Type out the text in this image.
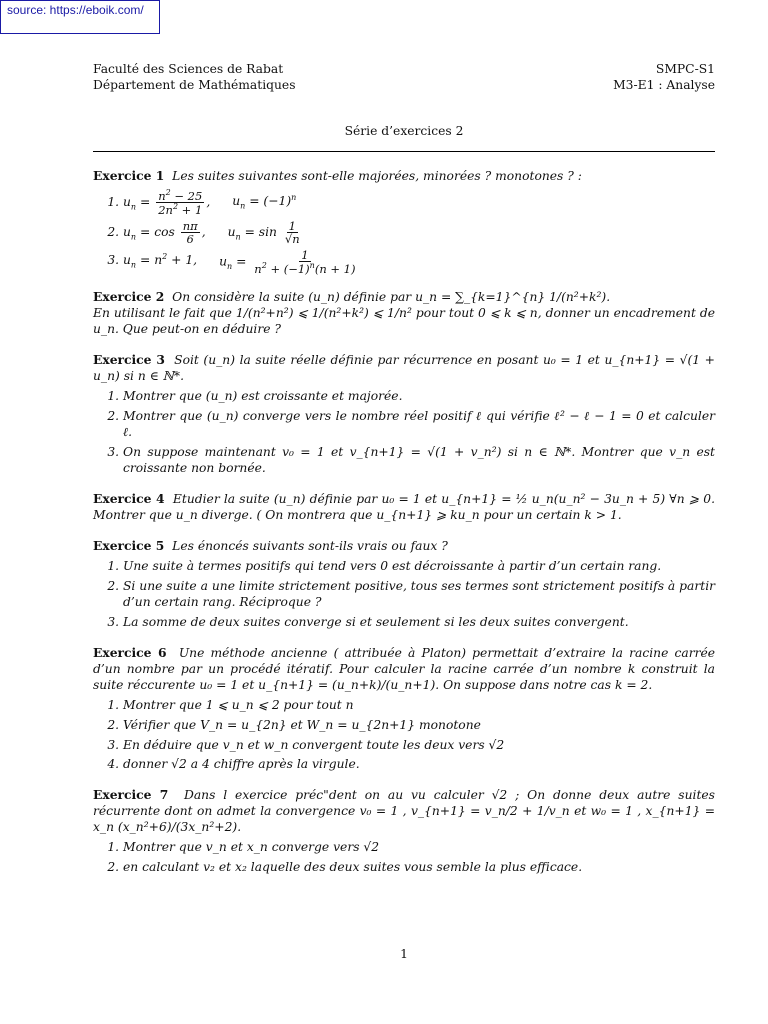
source: https://eboik.com/
Faculté des Sciences de Rabat
Département de Mathématiques
SMPC-S1
M3-E1 : Analyse
Série d’exercices 2

Exercice 1 Les suites suivantes sont-elle majorées, minorées ? monotones ? :

1. $u_n = \frac{n^2 - 25}{2n^2 + 1}$ , $u_n = (-1)^n$
2. $u_n = \cos \frac{n\pi}{6}$ , $u_n = \sin \frac{1}{√n}$
3. $u_n = n^2 + 1$, $u_n = \frac{1}{n^2 + (-1)^n(n + 1)}$

Exercice 2 On considère la suite (u_n) définie par u_n = ∑_{k=1}^{n} 1/(n²+k²).

En utilisant le fait que 1/(n²+n²) ⩽ 1/(n²+k²) ⩽ 1/n² pour tout 0 ⩽ k ⩽ n, donner un encadrement de u_n. Que peut-on en déduire ?

Exercice 3 Soit (u_n) la suite réelle définie par récurrence en posant u₀ = 1 et u_{n+1} = √(1 + u_n) si n ∈ ℕ*.

1. Montrer que (u_n) est croissante et majorée.
2. Montrer que (u_n) converge vers le nombre réel positif ℓ qui vérifie ℓ² − ℓ − 1 = 0 et calculer ℓ.
3. On suppose maintenant v₀ = 1 et v_{n+1} = √(1 + v_n²) si n ∈ ℕ*. Montrer que v_n est croissante non bornée.

Exercice 4 Etudier la suite (u_n) définie par u₀ = 1 et u_{n+1} = ½ u_n(u_n² − 3u_n + 5) ∀n ⩾ 0. Montrer que u_n diverge. ( On montrera que u_{n+1} ⩾ ku_n pour un certain k > 1.

Exercice 5 Les énoncés suivants sont-ils vrais ou faux ?

1. Une suite à termes positifs qui tend vers 0 est décroissante à partir d’un certain rang.
2. Si une suite a une limite strictement positive, tous ses termes sont strictement positifs à partir d’un certain rang. Réciproque ?
3. La somme de deux suites converge si et seulement si les deux suites convergent.

Exercice 6 Une méthode ancienne ( attribuée à Platon) permettait d’extraire la racine carrée d’un nombre par un procédé itératif. Pour calculer la racine carrée d’un nombre k construit la suite réccurente u₀ = 1 et u_{n+1} = (u_n+k)/(u_n+1). On suppose dans notre cas k = 2.

1. Montrer que 1 ⩽ u_n ⩽ 2 pour tout n
2. Vérifier que V_n = u_{2n} et W_n = u_{2n+1} monotone
3. En déduire que v_n et w_n convergent toute les deux vers √2
4. donner √2 a 4 chiffre après la virgule.

Exercice 7 Dans l exercice préc"dent on au vu calculer √2 ; On donne deux autre suites récurrente dont on admet la convergence v₀ = 1 , v_{n+1} = v_n/2 + 1/v_n et w₀ = 1 , x_{n+1} = x_n (x_n²+6)/(3x_n²+2).

1. Montrer que v_n et x_n converge vers √2
2. en calculant v₂ et x₂ laquelle des deux suites vous semble la plus efficace.
1
